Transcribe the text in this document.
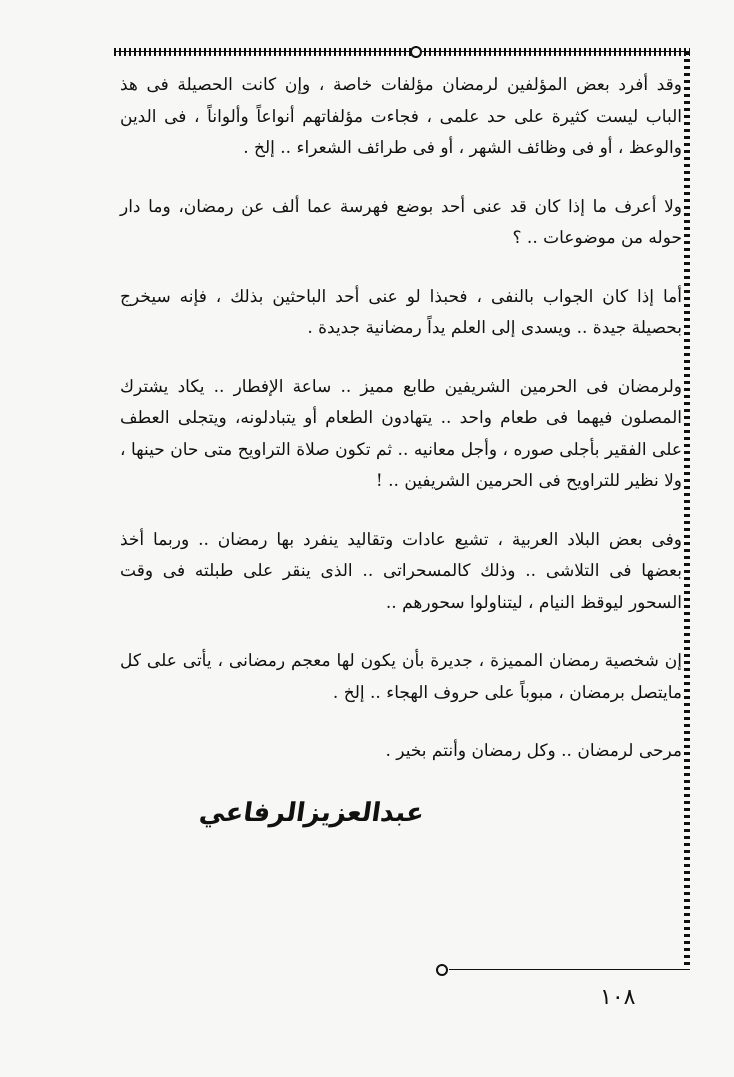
وقد أفرد بعض المؤلفين لرمضان مؤلفات خاصة ، وإن كانت الحصيلة فى هذ الباب ليست كثيرة على حد علمى ، فجاءت مؤلفاتهم أنواعاً وألواناً ، فى الدين والوعظ ، أو فى وظائف الشهر ، أو فى طرائف الشعراء .. إلخ .

ولا أعرف ما إذا كان قد عنى أحد بوضع فهرسة عما ألف عن رمضان، وما دار حوله من موضوعات .. ؟

أما إذا كان الجواب بالنفى ، فحبذا لو عنى أحد الباحثين بذلك ، فإنه سيخرج بحصيلة جيدة .. ويسدى إلى العلم يداً رمضانية جديدة .

ولرمضان فى الحرمين الشريفين طابع مميز .. ساعة الإفطار .. يكاد يشترك المصلون فيهما فى طعام واحد .. يتهادون الطعام أو يتبادلونه، ويتجلى العطف على الفقير بأجلى صوره ، وأجل معانيه .. ثم تكون صلاة التراويح متى حان حينها ، ولا نظير للتراويح فى الحرمين الشريفين .. !

وفى بعض البلاد العربية ، تشيع عادات وتقاليد ينفرد بها رمضان .. وربما أخذ بعضها فى التلاشى .. وذلك كالمسحراتى .. الذى ينقر على طبلته فى وقت السحور ليوقظ النيام ، ليتناولوا سحورهم ..

إن شخصية رمضان المميزة ، جديرة بأن يكون لها معجم رمضانى ، يأتى على كل مايتصل برمضان ، مبوباً على حروف الهجاء .. إلخ .

مرحى لرمضان .. وكل رمضان وأنتم بخير .

عبدالعزيزالرفاعي
١٠٨
